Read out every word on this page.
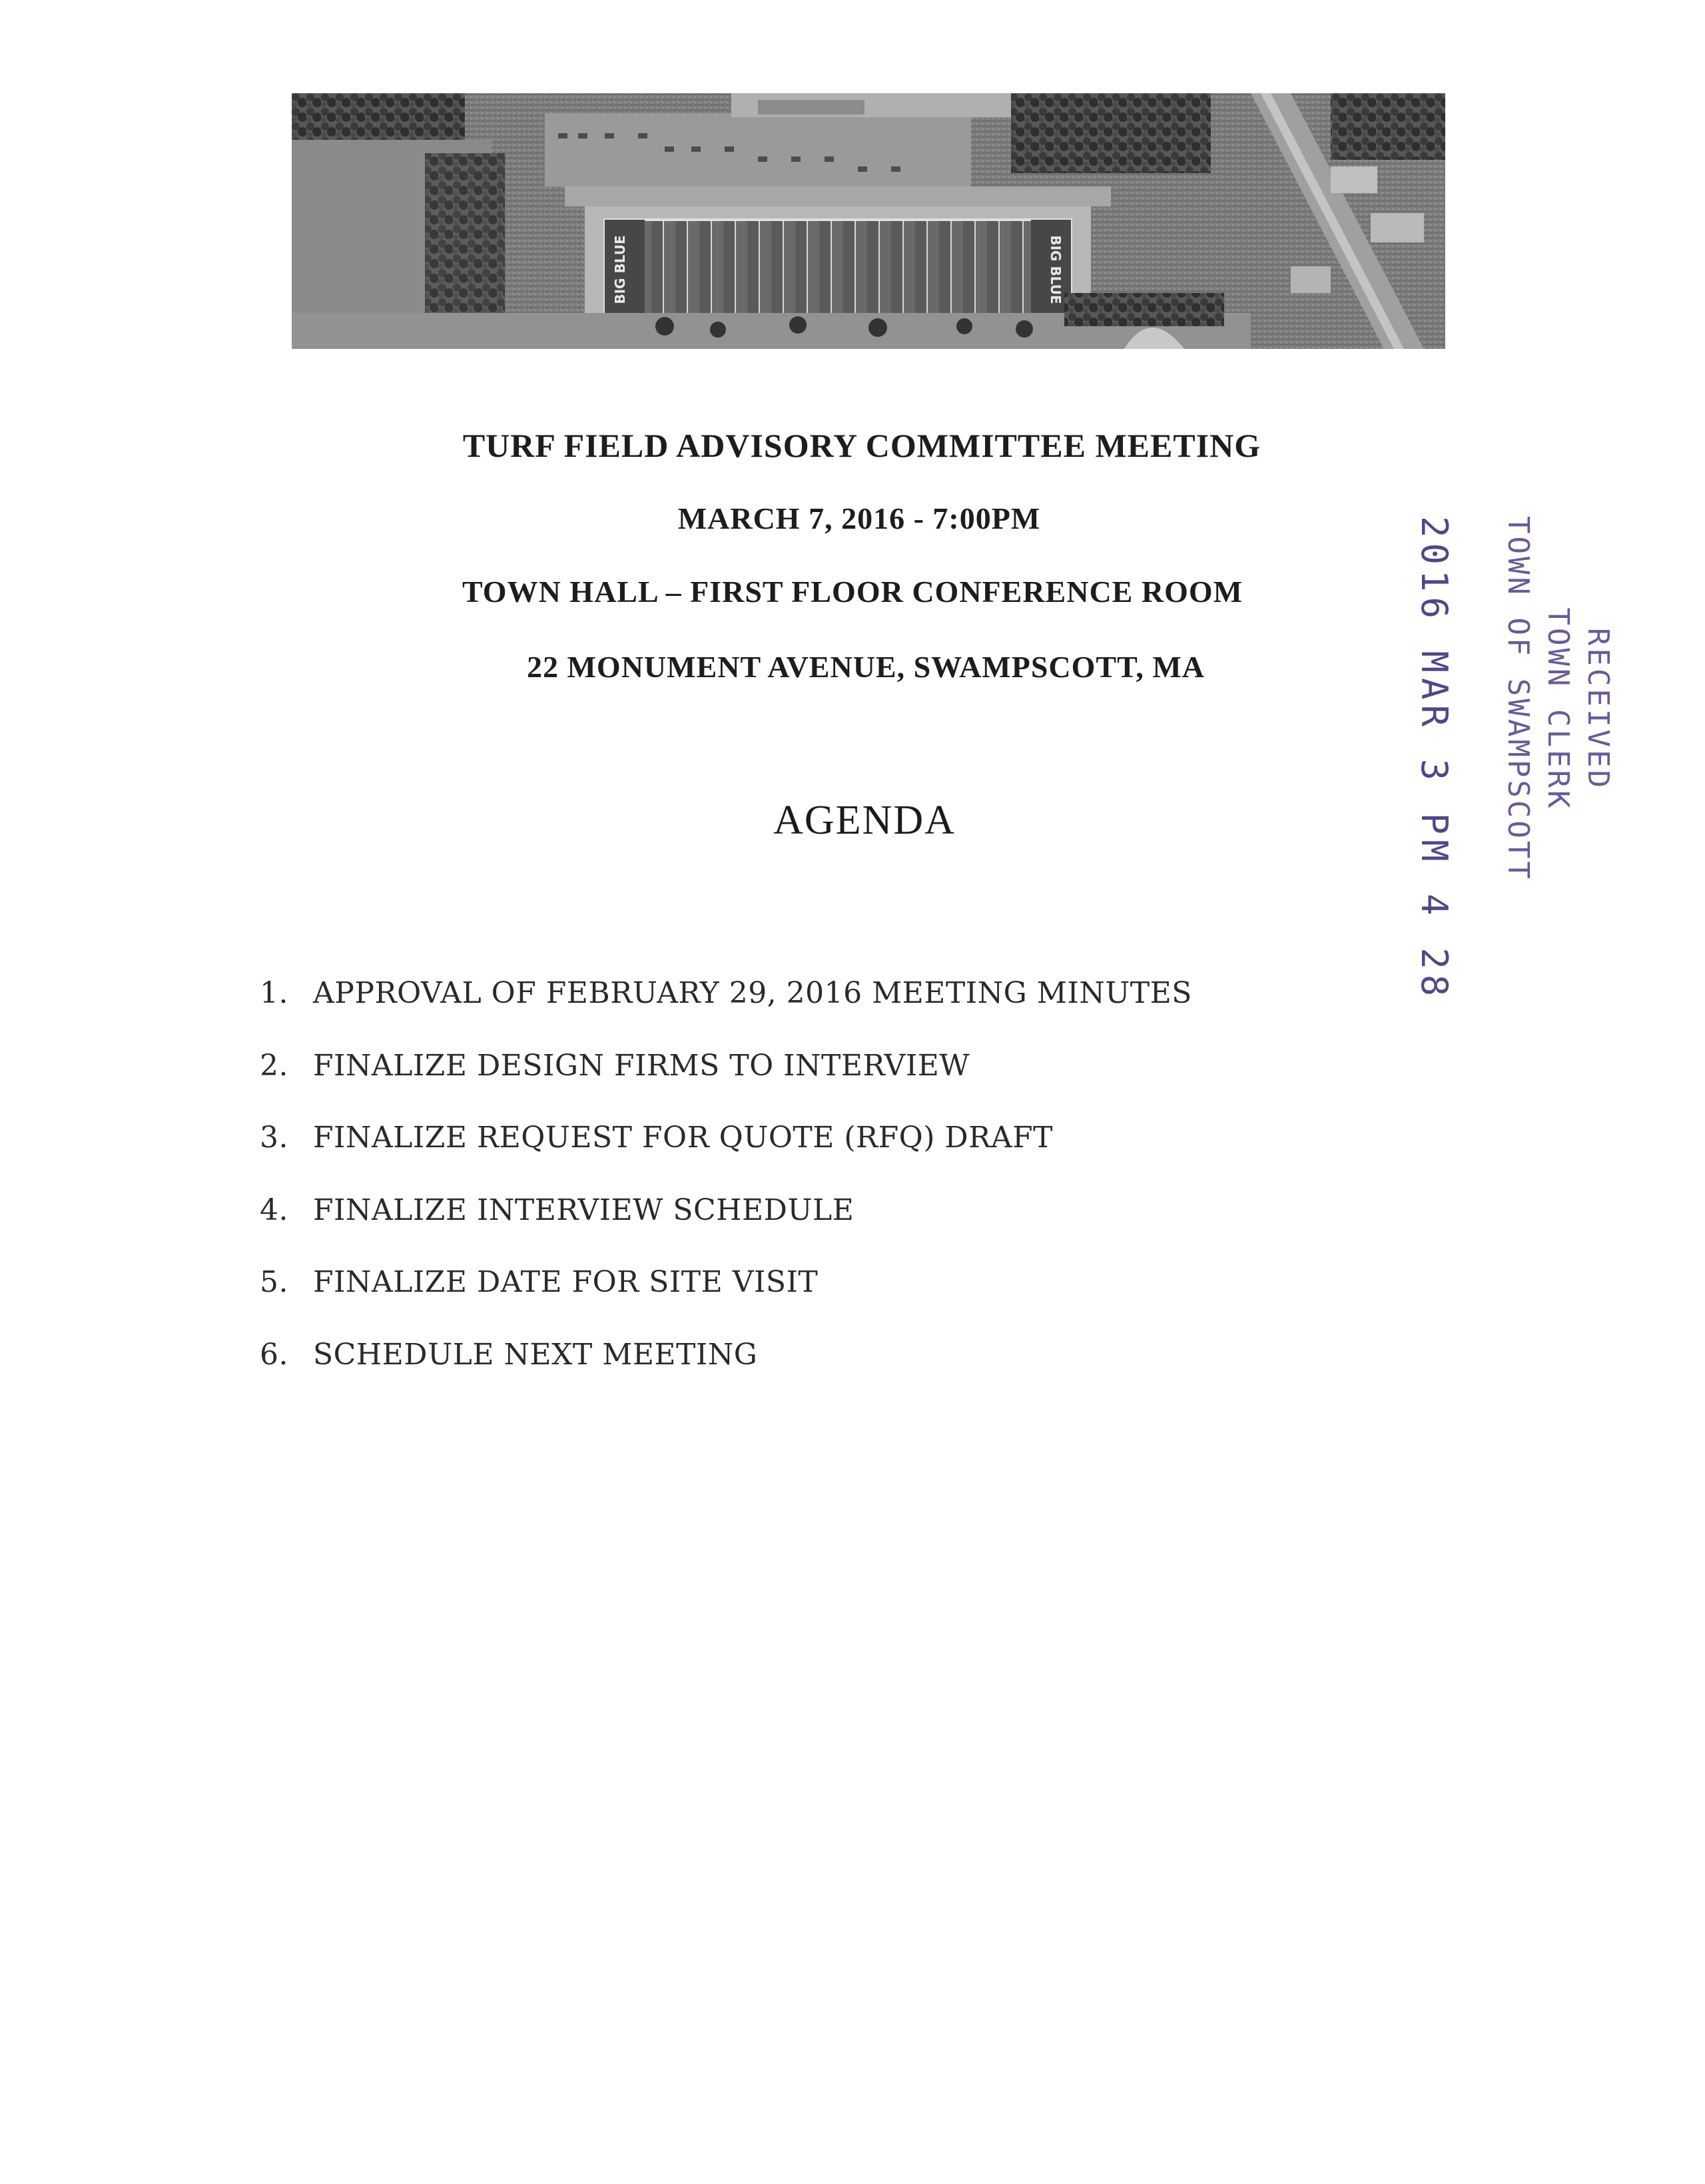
BIG BLUE	BIG BLUE
TURF FIELD ADVISORY COMMITTEE MEETING
MARCH 7, 2016 - 7:00PM
TOWN HALL – FIRST FLOOR CONFERENCE ROOM
22 MONUMENT AVENUE, SWAMPSCOTT, MA
AGENDA
1. APPROVAL OF FEBRUARY 29, 2016 MEETING MINUTES
2. FINALIZE DESIGN FIRMS TO INTERVIEW
3. FINALIZE REQUEST FOR QUOTE (RFQ) DRAFT
4. FINALIZE INTERVIEW SCHEDULE
5. FINALIZE DATE FOR SITE VISIT
6. SCHEDULE NEXT MEETING
RECEIVED
TOWN CLERK
TOWN OF SWAMPSCOTT
2016 MAR 3 PM 4 28
